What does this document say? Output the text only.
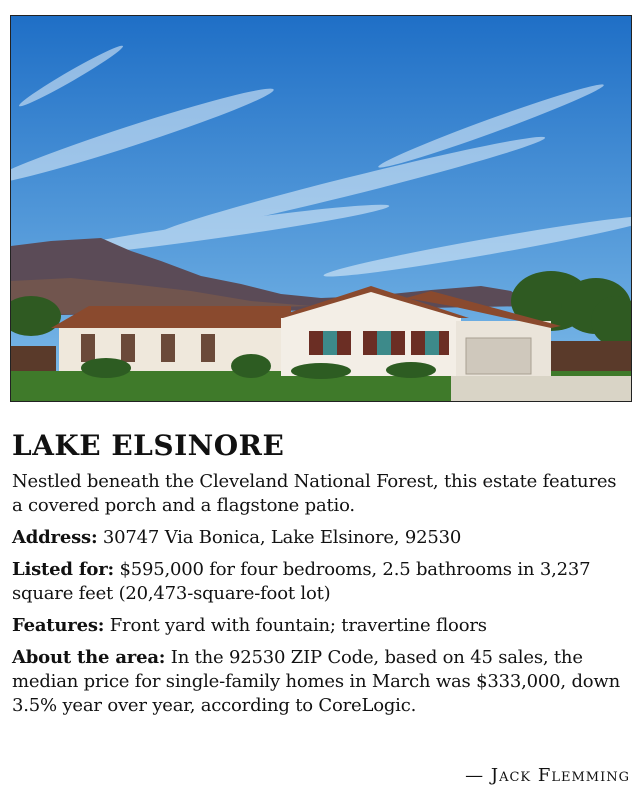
LAKE ELSINORE

Nestled beneath the Cleveland National Forest, this estate features a covered porch and a flagstone patio.

Address: 30747 Via Bonica, Lake Elsinore, 92530

Listed for: $595,000 for four bedrooms, 2.5 bathrooms in 3,237 square feet (20,473-square-foot lot)

Features: Front yard with fountain; travertine floors

About the area: In the 92530 ZIP Code, based on 45 sales, the median price for single-family homes in March was $333,000, down 3.5% year over year, according to CoreLogic.

— Jack Flemming
